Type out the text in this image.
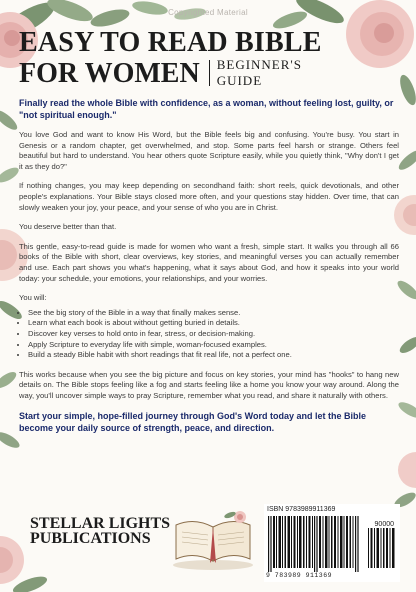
Copyrighted Material
EASY TO READ BIBLE
FOR WOMEN BEGINNER'S
GUIDE
Finally read the whole Bible with confidence, as a woman, without feeling lost, guilty, or "not spiritual enough."
You love God and want to know His Word, but the Bible feels big and confusing. You're busy. You start in Genesis or a random chapter, get overwhelmed, and stop. Some parts feel harsh or strange. Others feel beautiful but hard to understand. You hear others quote Scripture easily, while you quietly think, "Why don't I get it as they do?"
If nothing changes, you may keep depending on secondhand faith: short reels, quick devotionals, and other people's explanations. Your Bible stays closed more often, and your questions stay hidden. Over time, that can slowly weaken your joy, your peace, and your sense of who you are in Christ.
You deserve better than that.
This gentle, easy-to-read guide is made for women who want a fresh, simple start. It walks you through all 66 books of the Bible with short, clear overviews, key stories, and meaningful verses you can actually remember and use. Each part shows you what's happening, what it says about God, and how it speaks into your world today: your schedule, your emotions, your relationships, and your worries.
You will:
• See the big story of the Bible in a way that finally makes sense.
• Learn what each book is about without getting buried in details.
• Discover key verses to hold onto in fear, stress, or decision-making.
• Apply Scripture to everyday life with simple, woman-focused examples.
• Build a steady Bible habit with short readings that fit real life, not a perfect one.
This works because when you see the big picture and focus on key stories, your mind has "hooks" to hang new details on. The Bible stops feeling like a fog and starts feeling like a home you know your way around. Along the way, you'll uncover simple ways to pray Scripture, remember what you read, and share it naturally with others.
Start your simple, hope-filled journey through God's Word today and let the Bible become your daily source of strength, peace, and direction.
STELLAR LIGHTS
PUBLICATIONS
ISBN 9783989911369
90000
9 783989 911369
